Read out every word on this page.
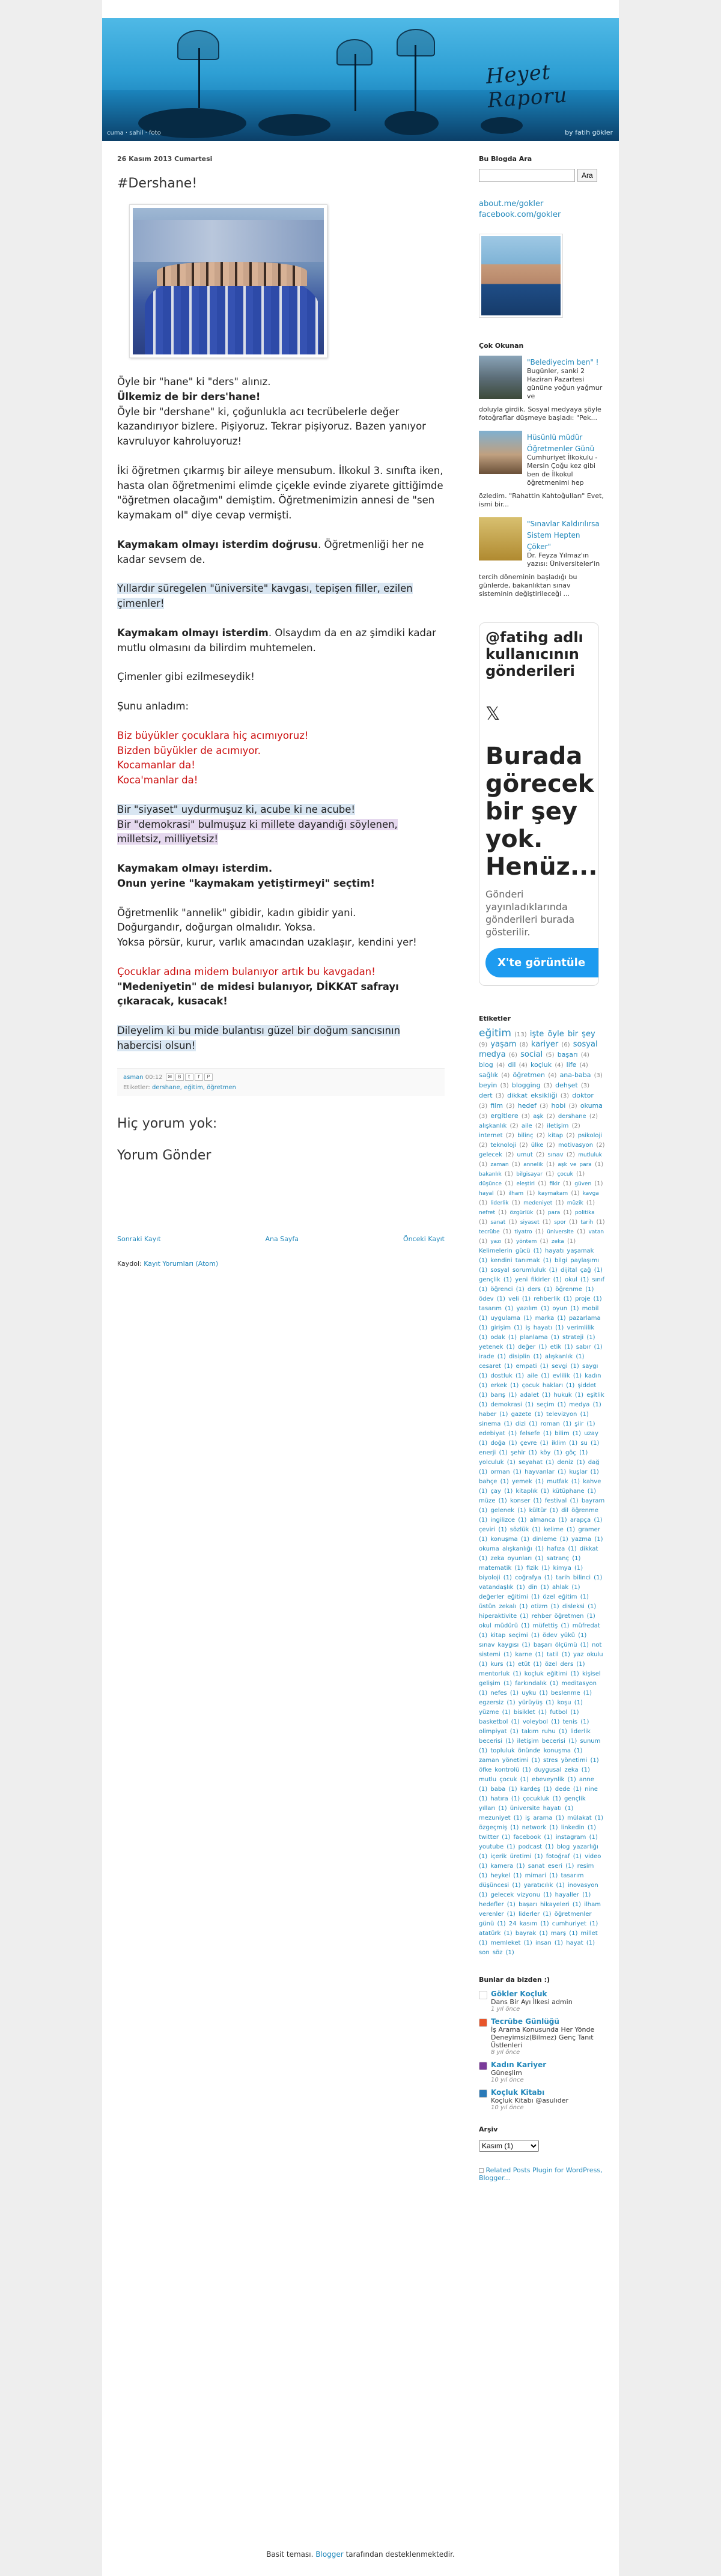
Heyet Raporu
by fatih gökler
cuma · sahil · foto
26 Kasım 2013 Cumartesi
#Dershane!

Öyle bir "hane" ki "ders" alınız.
Ülkemiz de bir ders'hane!
Öyle bir "dershane" ki, çoğunlukla acı tecrübelerle değer kazandırıyor bizlere. Pişiyoruz. Tekrar pişiyoruz. Bazen yanıyor kavruluyor kahroluyoruz!

İki öğretmen çıkarmış bir aileye mensubum. İlkokul 3. sınıfta iken, hasta olan öğretmenimi elimde çiçekle evinde ziyarete gittiğimde "öğretmen olacağım" demiştim. Öğretmenimizin annesi de "sen kaymakam ol" diye cevap vermişti.

Kaymakam olmayı isterdim doğrusu. Öğretmenliği her ne kadar sevsem de.

Yıllardır süregelen "üniversite" kavgası, tepişen filler, ezilen çimenler!

Kaymakam olmayı isterdim. Olsaydım da en az şimdiki kadar mutlu olmasını da bilirdim muhtemelen.

Çimenler gibi ezilmeseydik!

Şunu anladım:

Biz büyükler çocuklara hiç acımıyoruz!
Bizden büyükler de acımıyor.
Kocamanlar da!
Koca'manlar da!

Bir "siyaset" uydurmuşuz ki, acube ki ne acube!
Bir "demokrasi" bulmuşuz ki millete dayandığı söylenen, milletsiz, milliyetsiz!

Kaymakam olmayı isterdim.
Onun yerine "kaymakam yetiştirmeyi" seçtim!

Öğretmenlik "annelik" gibidir, kadın gibidir yani.
Doğurgandır, doğurgan olmalıdır. Yoksa.
Yoksa pörsür, kurur, varlık amacından uzaklaşır, kendini yer!

Çocuklar adına midem bulanıyor artık bu kavgadan!
"Medeniyetin" de midesi bulanıyor, DİKKAT safrayı çıkaracak, kusacak!

Dileyelim ki bu mide bulantısı güzel bir doğum sancısının habercisi olsun!

asman 00:12 ✉ B t f P
Etiketler: dershane, eğitim, öğretmen
Hiç yorum yok:
Yorum Gönder
Sonraki Kayıt	Ana Sayfa	Önceki Kayıt
Kaydol: Kayıt Yorumları (Atom)
Bu Blogda Ara
Ara
about.me/gokler
facebook.com/gokler
Çok Okunan
"Belediyecim ben" !

Bugünler, sanki 2 Haziran Pazartesi gününe yoğun yağmur ve

doluyla girdik. Sosyal medyaya şöyle fotoğraflar düşmeye başladı: "Pek...
Hüsünlü müdür Öğretmenler Günü

Cumhuriyet İlkokulu - Mersin Çoğu kez gibi ben de İlkokul öğretmenimi hep

özledim. "Rahattin Kahtoğulları" Evet, ismi bir...
"Sınavlar Kaldırılırsa Sistem Hepten Çöker"

Dr. Feyza Yılmaz'ın yazısı: Üniversiteler'in

tercih döneminin başladığı bu günlerde, bakanlıktan sınav sisteminin değiştirileceği ...
@fatihg adlı kullanıcının gönderileri
𝕏
Burada görecek bir şey yok. Henüz...
Gönderi yayınladıklarında gönderileri burada gösterilir.
X'te görüntüle
Etiketler
eğitim (13) işte öyle bir şey (9) yaşam (8) kariyer (6) sosyal medya (6) social (5) başarı (4) blog (4) dil (4) koçluk (4) life (4) sağlık (4) öğretmen (4) ana-baba (3) beyin (3) blogging (3) dehşet (3) dert (3) dikkat eksikliği (3) doktor (3) film (3) hedef (3) hobi (3) okuma (3) ergitlere (3) aşk (2) dershane (2) alışkanlık (2) aile (2) iletişim (2) internet (2) bilinç (2) kitap (2) psikoloji (2) teknoloji (2) ülke (2) motivasyon (2) gelecek (2) umut (2) sınav (2) mutluluk (1) zaman (1) annelik (1) aşk ve para (1) bakanlık (1) bilgisayar (1) çocuk (1) düşünce (1) eleştiri (1) fikir (1) güven (1) hayal (1) ilham (1) kaymakam (1) kavga (1) liderlik (1) medeniyet (1) müzik (1) nefret (1) özgürlük (1) para (1) politika (1) sanat (1) siyaset (1) spor (1) tarih (1) tecrübe (1) tiyatro (1) üniversite (1) vatan (1) yazı (1) yöntem (1) zeka (1)
Kelimelerin gücü (1) hayatı yaşamak (1) kendini tanımak (1) bilgi paylaşımı (1) sosyal sorumluluk (1) dijital çağ (1) gençlik (1) yeni fikirler (1) okul (1) sınıf (1) öğrenci (1) ders (1) öğrenme (1) ödev (1) veli (1) rehberlik (1) proje (1) tasarım (1) yazılım (1) oyun (1) mobil (1) uygulama (1) marka (1) pazarlama (1) girişim (1) iş hayatı (1) verimlilik (1) odak (1) planlama (1) strateji (1) yetenek (1) değer (1) etik (1) sabır (1) irade (1) disiplin (1) alışkanlık (1) cesaret (1) empati (1) sevgi (1) saygı (1) dostluk (1) aile (1) evlilik (1) kadın (1) erkek (1) çocuk hakları (1) şiddet (1) barış (1) adalet (1) hukuk (1) eşitlik (1) demokrasi (1) seçim (1) medya (1) haber (1) gazete (1) televizyon (1) sinema (1) dizi (1) roman (1) şiir (1) edebiyat (1) felsefe (1) bilim (1) uzay (1) doğa (1) çevre (1) iklim (1) su (1) enerji (1) şehir (1) köy (1) göç (1) yolculuk (1) seyahat (1) deniz (1) dağ (1) orman (1) hayvanlar (1) kuşlar (1) bahçe (1) yemek (1) mutfak (1) kahve (1) çay (1) kitaplık (1) kütüphane (1) müze (1) konser (1) festival (1) bayram (1) gelenek (1) kültür (1) dil öğrenme (1) ingilizce (1) almanca (1) arapça (1) çeviri (1) sözlük (1) kelime (1) gramer (1) konuşma (1) dinleme (1) yazma (1) okuma alışkanlığı (1) hafıza (1) dikkat (1) zeka oyunları (1) satranç (1) matematik (1) fizik (1) kimya (1) biyoloji (1) coğrafya (1) tarih bilinci (1) vatandaşlık (1) din (1) ahlak (1) değerler eğitimi (1) özel eğitim (1) üstün zekalı (1) otizm (1) disleksi (1) hiperaktivite (1) rehber öğretmen (1) okul müdürü (1) müfettiş (1) müfredat (1) kitap seçimi (1) ödev yükü (1) sınav kaygısı (1) başarı ölçümü (1) not sistemi (1) karne (1) tatil (1) yaz okulu (1) kurs (1) etüt (1) özel ders (1) mentorluk (1) koçluk eğitimi (1) kişisel gelişim (1) farkındalık (1) meditasyon (1) nefes (1) uyku (1) beslenme (1) egzersiz (1) yürüyüş (1) koşu (1) yüzme (1) bisiklet (1) futbol (1) basketbol (1) voleybol (1) tenis (1) olimpiyat (1) takım ruhu (1) liderlik becerisi (1) iletişim becerisi (1) sunum (1) topluluk önünde konuşma (1) zaman yönetimi (1) stres yönetimi (1) öfke kontrolü (1) duygusal zeka (1) mutlu çocuk (1) ebeveynlik (1) anne (1) baba (1) kardeş (1) dede (1) nine (1) hatıra (1) çocukluk (1) gençlik yılları (1) üniversite hayatı (1) mezuniyet (1) iş arama (1) mülakat (1) özgeçmiş (1) network (1) linkedin (1) twitter (1) facebook (1) instagram (1) youtube (1) podcast (1) blog yazarlığı (1) içerik üretimi (1) fotoğraf (1) video (1) kamera (1) sanat eseri (1) resim (1) heykel (1) mimari (1) tasarım düşüncesi (1) yaratıcılık (1) inovasyon (1) gelecek vizyonu (1) hayaller (1) hedefler (1) başarı hikayeleri (1) ilham verenler (1) liderler (1) öğretmenler günü (1) 24 kasım (1) cumhuriyet (1) atatürk (1) bayrak (1) marş (1) millet (1) memleket (1) insan (1) hayat (1) son söz (1)
Bunlar da bizden :)
Gökler Koçluk
Dans Bir Ayı İlkesi admin
1 yıl önce
Tecrübe Günlüğü
İş Arama Konusunda Her Yönde Deneyimsiz(Bilmez) Genç Tanıt Üstlenleri
8 yıl önce
Kadın Kariyer
Güneşlim
10 yıl önce
Koçluk Kitabı
Koçluk Kitabı @asulıder
10 yıl önce
Arşiv
Kasım (1)
Related Posts Plugin for WordPress, Blogger...
Basit teması. Blogger tarafından desteklenmektedir.
